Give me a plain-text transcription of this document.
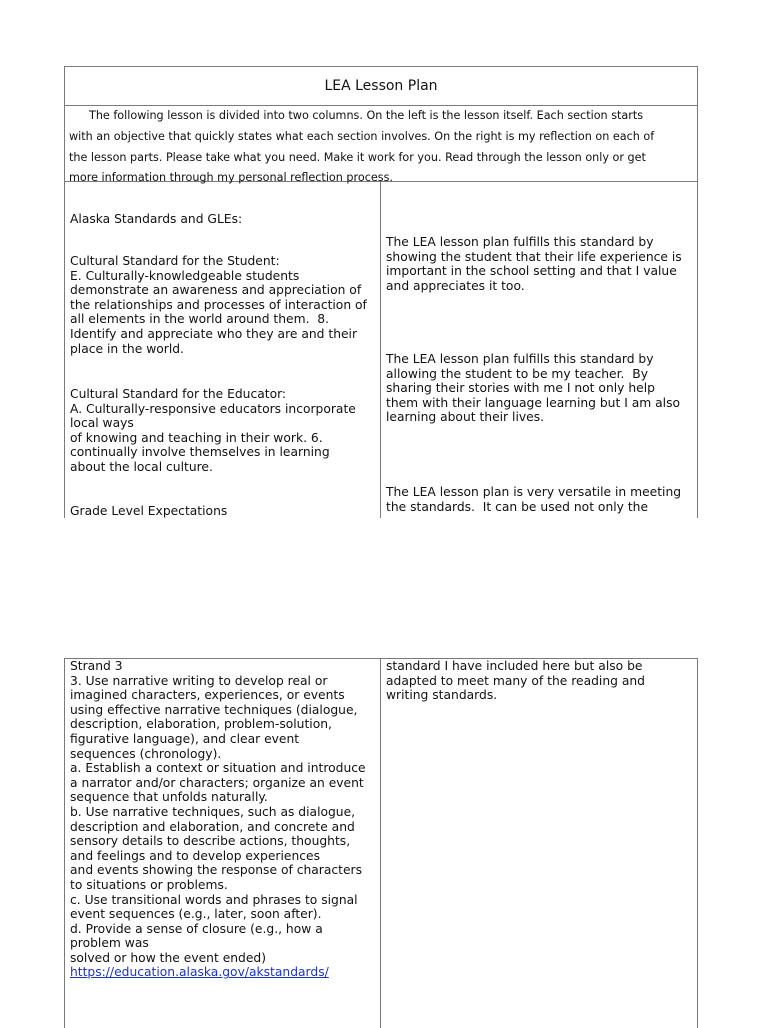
LEA Lesson Plan
The following lesson is divided into two columns. On the left is the lesson itself. Each section starts
with an objective that quickly states what each section involves. On the right is my reflection on each of
the lesson parts. Please take what you need. Make it work for you. Read through the lesson only or get
more information through my personal reflection process.
Alaska Standards and GLEs:
Cultural Standard for the Student:
E. Culturally-knowledgeable students
demonstrate an awareness and appreciation of
the relationships and processes of interaction of
all elements in the world around them.  8.
Identify and appreciate who they are and their
place in the world.
Cultural Standard for the Educator:
A. Culturally-responsive educators incorporate
local ways
of knowing and teaching in their work. 6.
continually involve themselves in learning
about the local culture.
Grade Level Expectations
The LEA lesson plan fulfills this standard by
showing the student that their life experience is
important in the school setting and that I value
and appreciates it too.
The LEA lesson plan fulfills this standard by
allowing the student to be my teacher.  By
sharing their stories with me I not only help
them with their language learning but I am also
learning about their lives.
The LEA lesson plan is very versatile in meeting
the standards.  It can be used not only the
Strand 3
3. Use narrative writing to develop real or
imagined characters, experiences, or events
using effective narrative techniques (dialogue,
description, elaboration, problem-solution,
figurative language), and clear event
sequences (chronology).
a. Establish a context or situation and introduce
a narrator and/or characters; organize an event
sequence that unfolds naturally.
b. Use narrative techniques, such as dialogue,
description and elaboration, and concrete and
sensory details to describe actions, thoughts,
and feelings and to develop experiences
and events showing the response of characters
to situations or problems.
c. Use transitional words and phrases to signal
event sequences (e.g., later, soon after).
d. Provide a sense of closure (e.g., how a
problem was
solved or how the event ended)
https://education.alaska.gov/akstandards/
standard I have included here but also be
adapted to meet many of the reading and
writing standards.
